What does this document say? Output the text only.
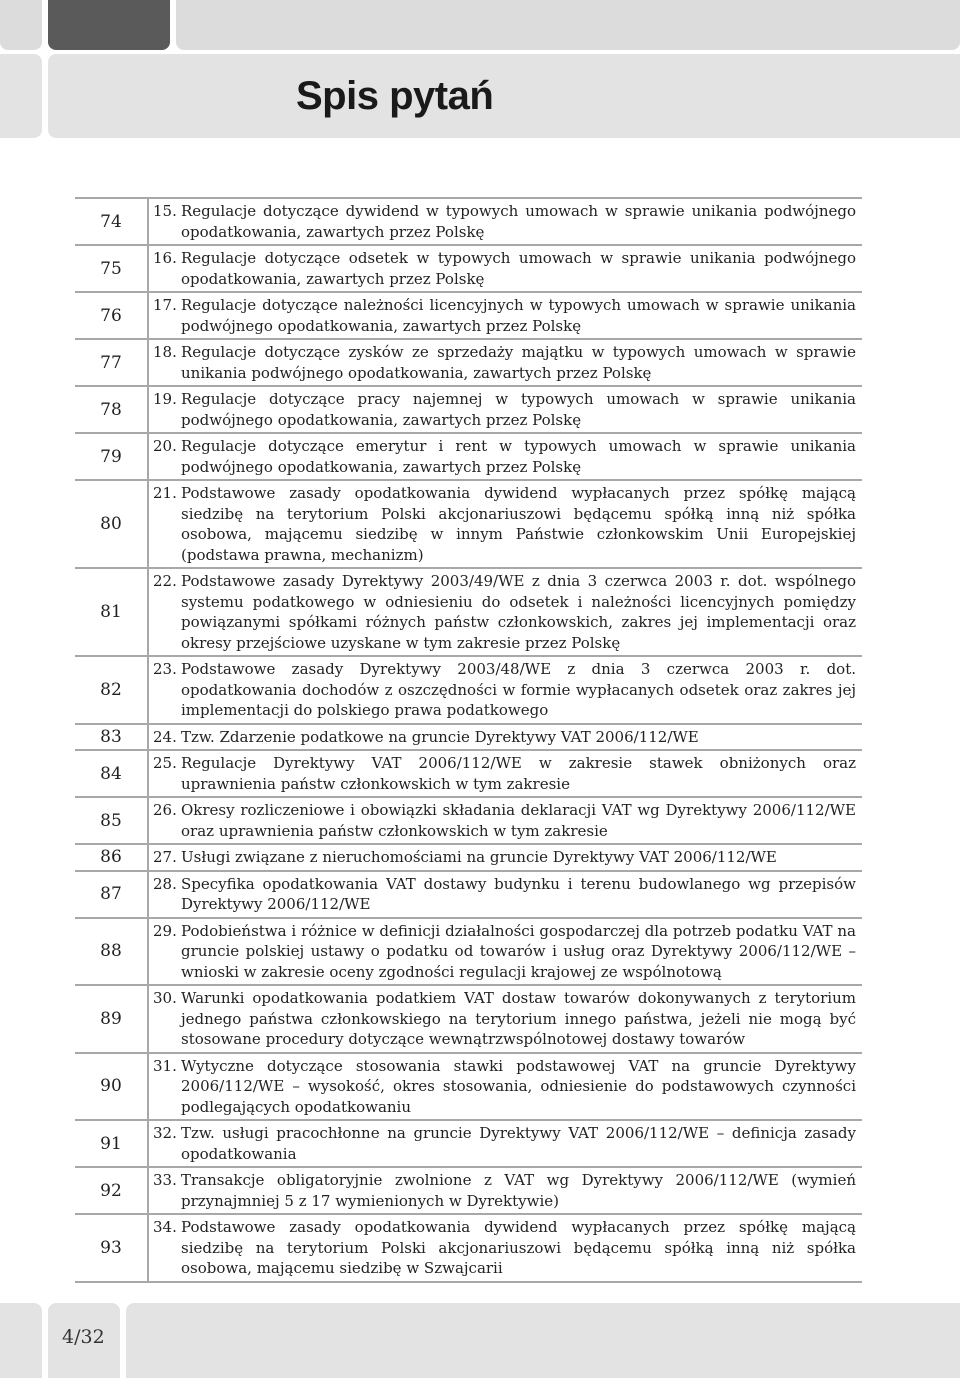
Spis pytań
74
15. Regulacje dotyczące dywidend w typowych umowach w sprawie unikania podwójnego opodatkowania, zawartych przez Polskę
75
16. Regulacje dotyczące odsetek w typowych umowach w sprawie unikania podwójnego opodatkowania, zawartych przez Polskę
76
17. Regulacje dotyczące należności licencyjnych w typowych umowach w sprawie unikania podwójnego opodatkowania, zawartych przez Polskę
77
18. Regulacje dotyczące zysków ze sprzedaży majątku w typowych umowach w sprawie unikania podwójnego opodatkowania, zawartych przez Polskę
78
19. Regulacje dotyczące pracy najemnej w typowych umowach w sprawie unikania podwójnego opodatkowania, zawartych przez Polskę
79
20. Regulacje dotyczące emerytur i rent w typowych umowach w sprawie unikania podwójnego opodatkowania, zawartych przez Polskę
80
21. Podstawowe zasady opodatkowania dywidend wypłacanych przez spółkę mającą siedzibę na terytorium Polski akcjonariuszowi będącemu spółką inną niż spółka osobowa, mającemu siedzibę w innym Państwie członkowskim Unii Europejskiej (podstawa prawna, mechanizm)
81
22. Podstawowe zasady Dyrektywy 2003/49/WE z dnia 3 czerwca 2003 r. dot. wspólnego systemu podatkowego w odniesieniu do odsetek i należności licencyjnych pomiędzy powiązanymi spółkami różnych państw członkowskich, zakres jej implementacji oraz okresy przejściowe uzyskane w tym zakresie przez Polskę
82
23. Podstawowe zasady Dyrektywy 2003/48/WE z dnia 3 czerwca 2003 r. dot. opodatkowania dochodów z oszczędności w formie wypłacanych odsetek oraz zakres jej implementacji do polskiego prawa podatkowego
83	24. Tzw. Zdarzenie podatkowe na gruncie Dyrektywy VAT 2006/112/WE
84
25. Regulacje Dyrektywy VAT 2006/112/WE w zakresie stawek obniżonych oraz uprawnienia państw członkowskich w tym zakresie
85
26. Okresy rozliczeniowe i obowiązki składania deklaracji VAT wg Dyrektywy 2006/112/WE oraz uprawnienia państw członkowskich w tym zakresie
86	27. Usługi związane z nieruchomościami na gruncie Dyrektywy VAT 2006/112/WE
87
28. Specyfika opodatkowania VAT dostawy budynku i terenu budowlanego wg przepisów Dyrektywy 2006/112/WE
88
29. Podobieństwa i różnice w definicji działalności gospodarczej dla potrzeb podatku VAT na gruncie polskiej ustawy o podatku od towarów i usług oraz Dyrektywy 2006/112/WE – wnioski w zakresie oceny zgodności regulacji krajowej ze wspólnotową
89
30. Warunki opodatkowania podatkiem VAT dostaw towarów dokonywanych z terytorium jednego państwa członkowskiego na terytorium innego państwa, jeżeli nie mogą być stosowane procedury dotyczące wewnątrzwspólnotowej dostawy towarów
90
31. Wytyczne dotyczące stosowania stawki podstawowej VAT na gruncie Dyrektywy 2006/112/WE – wysokość, okres stosowania, odniesienie do podstawowych czynności podlegających opodatkowaniu
91
32. Tzw. usługi pracochłonne na gruncie Dyrektywy VAT 2006/112/WE – definicja zasady opodatkowania
92
33. Transakcje obligatoryjnie zwolnione z VAT wg Dyrektywy 2006/112/WE (wymień przynajmniej 5 z 17 wymienionych w Dyrektywie)
93
34. Podstawowe zasady opodatkowania dywidend wypłacanych przez spółkę mającą siedzibę na terytorium Polski akcjonariuszowi będącemu spółką inną niż spółka osobowa, mającemu siedzibę w Szwajcarii
4/32
